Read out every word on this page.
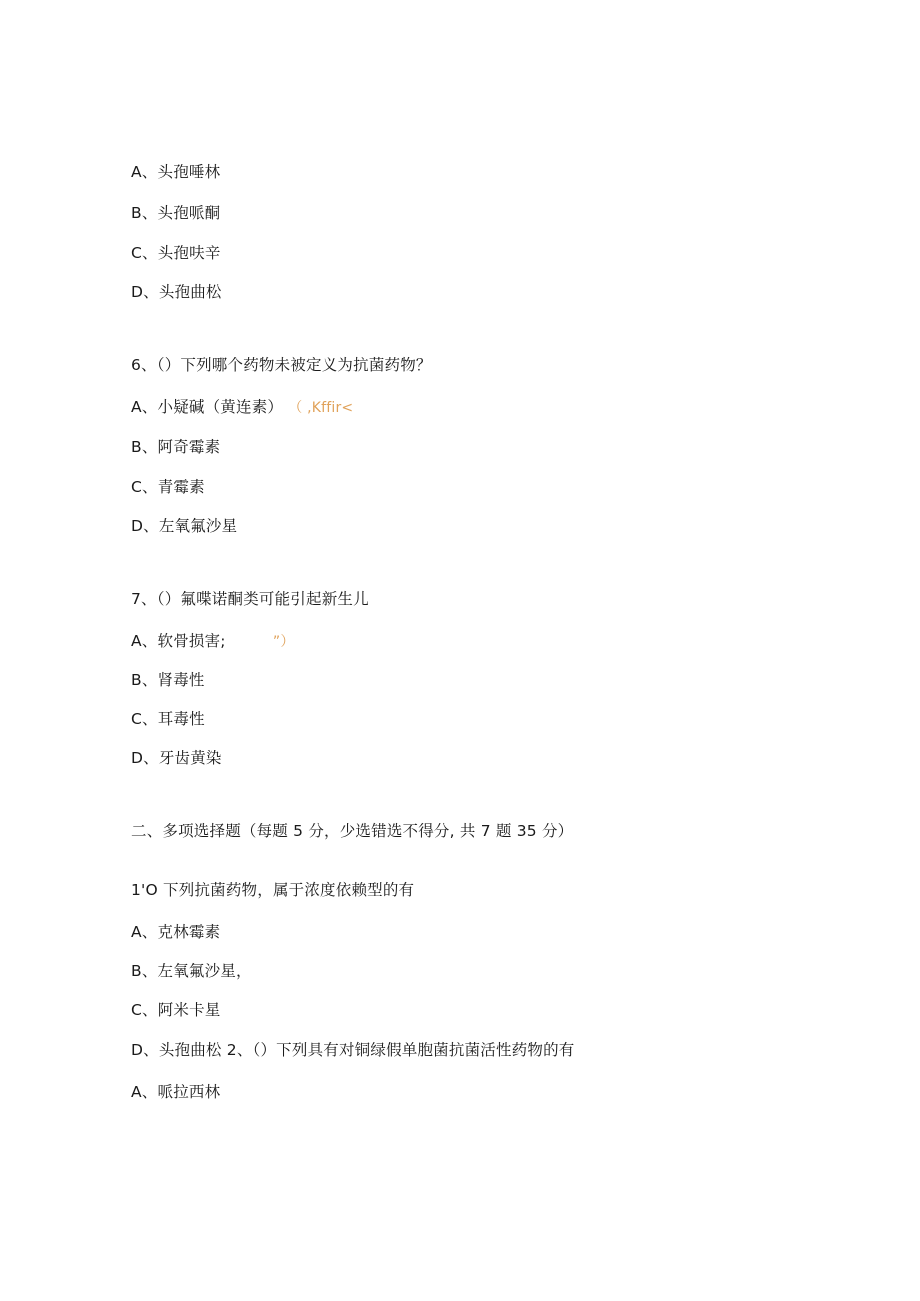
A、头孢唾林
B、头孢哌酮
C、头孢呋辛
D、头孢曲松
6、（）下列哪个药物未被定义为抗菌药物？
A、小疑碱（黄连素） （ ,Kffir<
B、阿奇霉素
C、青霉素
D、左氧氟沙星
7、（）氟喋诺酮类可能引起新生儿
A、软骨损害;	”）
B、肾毒性
C、耳毒性
D、牙齿黄染
二、多项选择题（每题 5 分，少选错选不得分, 共 7 题 35 分）
1'O 下列抗菌药物，属于浓度依赖型的有
A、克林霉素
B、左氧氟沙星，
C、阿米卡星
D、头孢曲松 2、（）下列具有对铜绿假单胞菌抗菌活性药物的有
A、哌拉西林
